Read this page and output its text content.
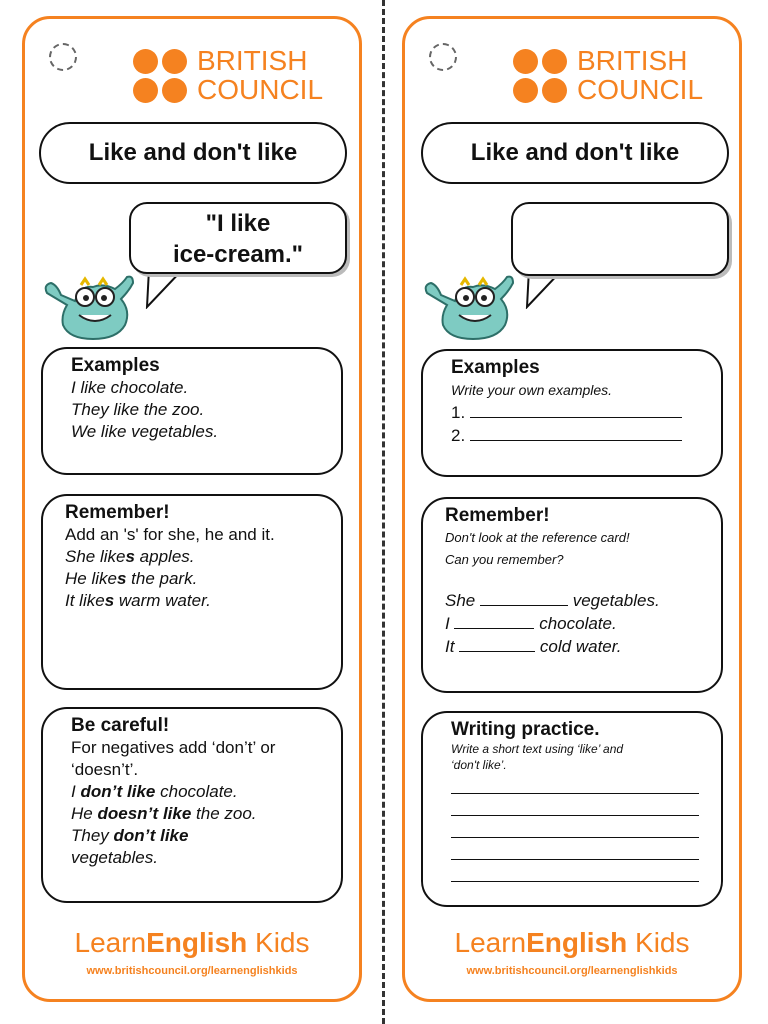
BRITISH
COUNCIL
Like and don't like
"I like
ice-cream."
Examples
I like chocolate.
They like the zoo.
We like vegetables.
Remember!
Add an 's' for she, he and it.
She likes apples.
He likes the park.
It likes warm water.
Be careful!
For negatives add ‘don’t’ or
‘doesn’t’.
I don’t like chocolate.
He doesn’t like the zoo.
They don’t like
vegetables.
LearnEnglish Kids
www.britishcouncil.org/learnenglishkids
BRITISH
COUNCIL
Like and don't like
Examples
Write your own examples.
1.
2.
Remember!
Don't look at the reference card!
Can you remember?
She	vegetables.
I	chocolate.
It	cold water.
Writing practice.
Write a short text using ‘like’ and
‘don't like’.
LearnEnglish Kids
www.britishcouncil.org/learnenglishkids
